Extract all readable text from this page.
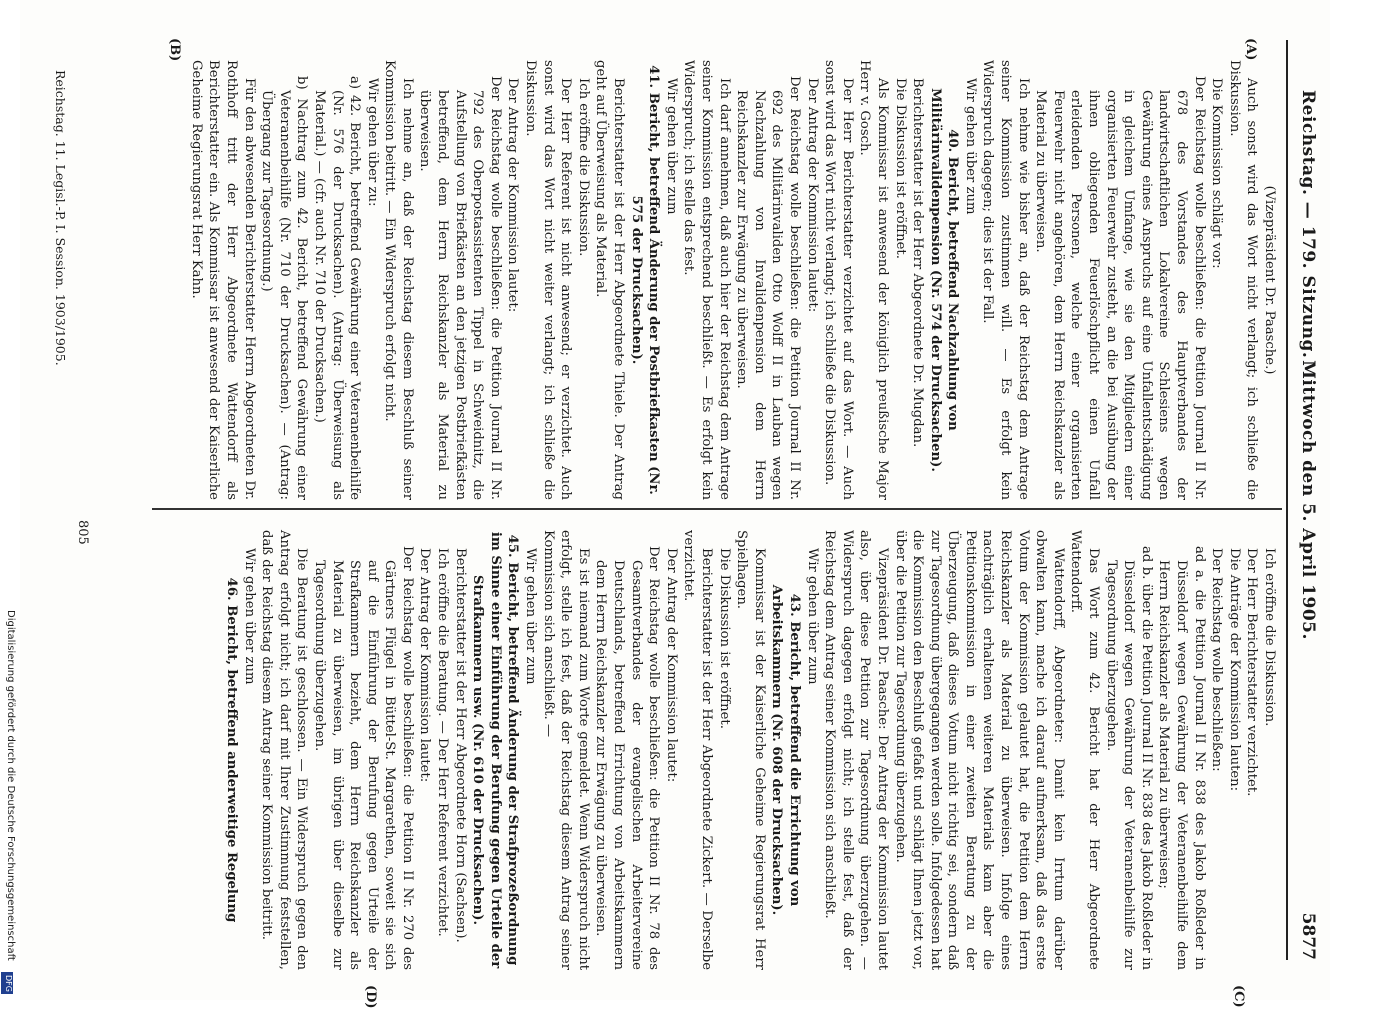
Digitalisierung gefördert durch die Deutsche Forschungsgemeinschaft
DFG
Reichstag. — 179. Sitzung.
Mittwoch den 5. April 1905.
5877
(A)
(B)
(C)
(D)

(Vizepräsident Dr. Paasche.)

Auch sonst wird das Wort nicht verlangt; ich schließe die Diskussion.

Die Kommission schlägt vor:

Der Reichstag wolle beschließen: die Petition Journal II Nr. 678 des Vorstandes des Hauptverbandes der landwirtschaftlichen Lokalvereine Schlesiens wegen Gewährung eines Anspruchs auf eine Unfallentschädigung in gleichem Umfange, wie sie den Mitgliedern einer organisierten Feuerwehr zusteht, an die bei Ausübung der ihnen obliegenden Feuerlöschpflicht einen Unfall erleidenden Personen, welche einer organisierten Feuerwehr nicht angehören, dem Herrn Reichskanzler als Material zu überweisen.

Ich nehme wie bisher an, daß der Reichstag dem Antrage seiner Kommission zustimmen will. — Es erfolgt kein Widerspruch dagegen; dies ist der Fall.

Wir gehen über zum

40. Bericht, betreffend Nachzahlung von Militärinvalidenpension (Nr. 574 der Drucksachen).

Berichterstatter ist der Herr Abgeordnete Dr. Mugdan.

Die Diskussion ist eröffnet.

Als Kommissar ist anwesend der königlich preußische Major Herr v. Gosch.

Der Herr Berichterstatter verzichtet auf das Wort. — Auch sonst wird das Wort nicht verlangt; ich schließe die Diskussion.

Der Antrag der Kommission lautet:

Der Reichstag wolle beschließen: die Petition Journal II Nr. 692 des Militärinvaliden Otto Wolff II in Lauban wegen Nachzahlung von Invalidenpension dem Herrn Reichskanzler zur Erwägung zu überweisen.

Ich darf annehmen, daß auch hier der Reichstag dem Antrage seiner Kommission entsprechend beschließt. — Es erfolgt kein Widerspruch; ich stelle das fest.

Wir gehen über zum

41. Bericht, betreffend Änderung der Postbriefkasten (Nr. 575 der Drucksachen).

Berichterstatter ist der Herr Abgeordnete Thiele. Der Antrag geht auf Überweisung als Material.

Ich eröffne die Diskussion.

Der Herr Referent ist nicht anwesend; er verzichtet. Auch sonst wird das Wort nicht weiter verlangt; ich schließe die Diskussion.

Der Antrag der Kommission lautet:

Der Reichstag wolle beschließen: die Petition Journal II Nr. 792 des Oberpostassistenten Tippel in Schweidnitz, die Aufstellung von Briefkästen an den jetzigen Postbriefkästen betreffend, dem Herrn Reichskanzler als Material zu überweisen.

Ich nehme an, daß der Reichstag diesem Beschluß seiner Kommission beitritt. — Ein Widerspruch erfolgt nicht.

Wir gehen über zu:

a) 42. Bericht, betreffend Gewährung einer Veteranenbeihilfe (Nr. 576 der Drucksachen). (Antrag: Überweisung als Material.) — (cfr. auch Nr. 710 der Drucksachen.)

b) Nachtrag zum 42. Bericht, betreffend Gewährung einer Veteranenbeihilfe (Nr. 710 der Drucksachen). — (Antrag: Übergang zur Tagesordnung.)

Für den abwesenden Berichterstatter Herrn Abgeordneten Dr. Rothhoff tritt der Herr Abgeordnete Wattendorff als Berichterstatter ein. Als Kommissar ist anwesend der Kaiserliche Geheime Regierungsrat Herr Kahn.

Ich eröffne die Diskussion.

Der Herr Berichterstatter verzichtet.

Die Anträge der Kommission lauten:

Der Reichstag wolle beschließen:

ad a. die Petition Journal II Nr. 838 des Jakob Roßleder in Düsseldorf wegen Gewährung der Veteranenbeihilfe dem Herrn Reichskanzler als Material zu überweisen;

ad b. über die Petition Journal II Nr. 838 des Jakob Roßleder in Düsseldorf wegen Gewährung der Veteranenbeihilfe zur Tagesordnung überzugehen.

Das Wort zum 42. Bericht hat der Herr Abgeordnete Wattendorff.

Wattendorff, Abgeordneter: Damit kein Irrtum darüber obwalten kann, mache ich darauf aufmerksam, daß das erste Votum der Kommission gelautet hat, die Petition dem Herrn Reichskanzler als Material zu überweisen. Infolge eines nachträglich erhaltenen weiteren Materials kam aber die Petitionskommission in einer zweiten Beratung zu der Überzeugung, daß dieses Votum nicht richtig sei, sondern daß zur Tagesordnung übergegangen werden solle. Infolgedessen hat die Kommission den Beschluß gefaßt und schlägt Ihnen jetzt vor, über die Petition zur Tagesordnung überzugehen.

Vizepräsident Dr. Paasche: Der Antrag der Kommission lautet also, über diese Petition zur Tagesordnung überzugehen. — Widerspruch dagegen erfolgt nicht; ich stelle fest, daß der Reichstag dem Antrag seiner Kommission sich anschließt.

Wir gehen über zum

43. Bericht, betreffend die Errichtung von Arbeitskammern (Nr. 608 der Drucksachen).

Kommissar ist der Kaiserliche Geheime Regierungsrat Herr Spielhagen.

Die Diskussion ist eröffnet.

Berichterstatter ist der Herr Abgeordnete Zickert. — Derselbe verzichtet.

Der Antrag der Kommission lautet:

Der Reichstag wolle beschließen: die Petition II Nr. 78 des Gesamtverbandes der evangelischen Arbeitervereine Deutschlands, betreffend Errichtung von Arbeitskammern dem Herrn Reichskanzler zur Erwägung zu überweisen.

Es ist niemand zum Worte gemeldet. Wenn Widerspruch nicht erfolgt, stelle ich fest, daß der Reichstag diesem Antrag seiner Kommission sich anschließt. —

Wir gehen über zum

45. Bericht, betreffend Änderung der Strafprozeßordnung im Sinne einer Einführung der Berufung gegen Urteile der Strafkammern usw. (Nr. 610 der Drucksachen).

Berichterstatter ist der Herr Abgeordnete Horn (Sachsen).

Ich eröffne die Beratung. — Der Herr Referent verzichtet.

Der Antrag der Kommission lautet:

Der Reichstag wolle beschließen: die Petition II Nr. 270 des Gärtners Flügel in Büttel-St. Margarethen, soweit sie sich auf die Einführung der Berufung gegen Urteile der Strafkammern bezieht, dem Herrn Reichskanzler als Material zu überweisen, im übrigen über dieselbe zur Tagesordnung überzugehen.

Die Beratung ist geschlossen. — Ein Widerspruch gegen den Antrag erfolgt nicht; ich darf mit Ihrer Zustimmung feststellen, daß der Reichstag diesem Antrag seiner Kommission beitritt.

Wir gehen über zum

46. Bericht, betreffend anderweitige Regelung

Reichstag. 11. Legisl.-P. I. Session. 1903/1905.
805
